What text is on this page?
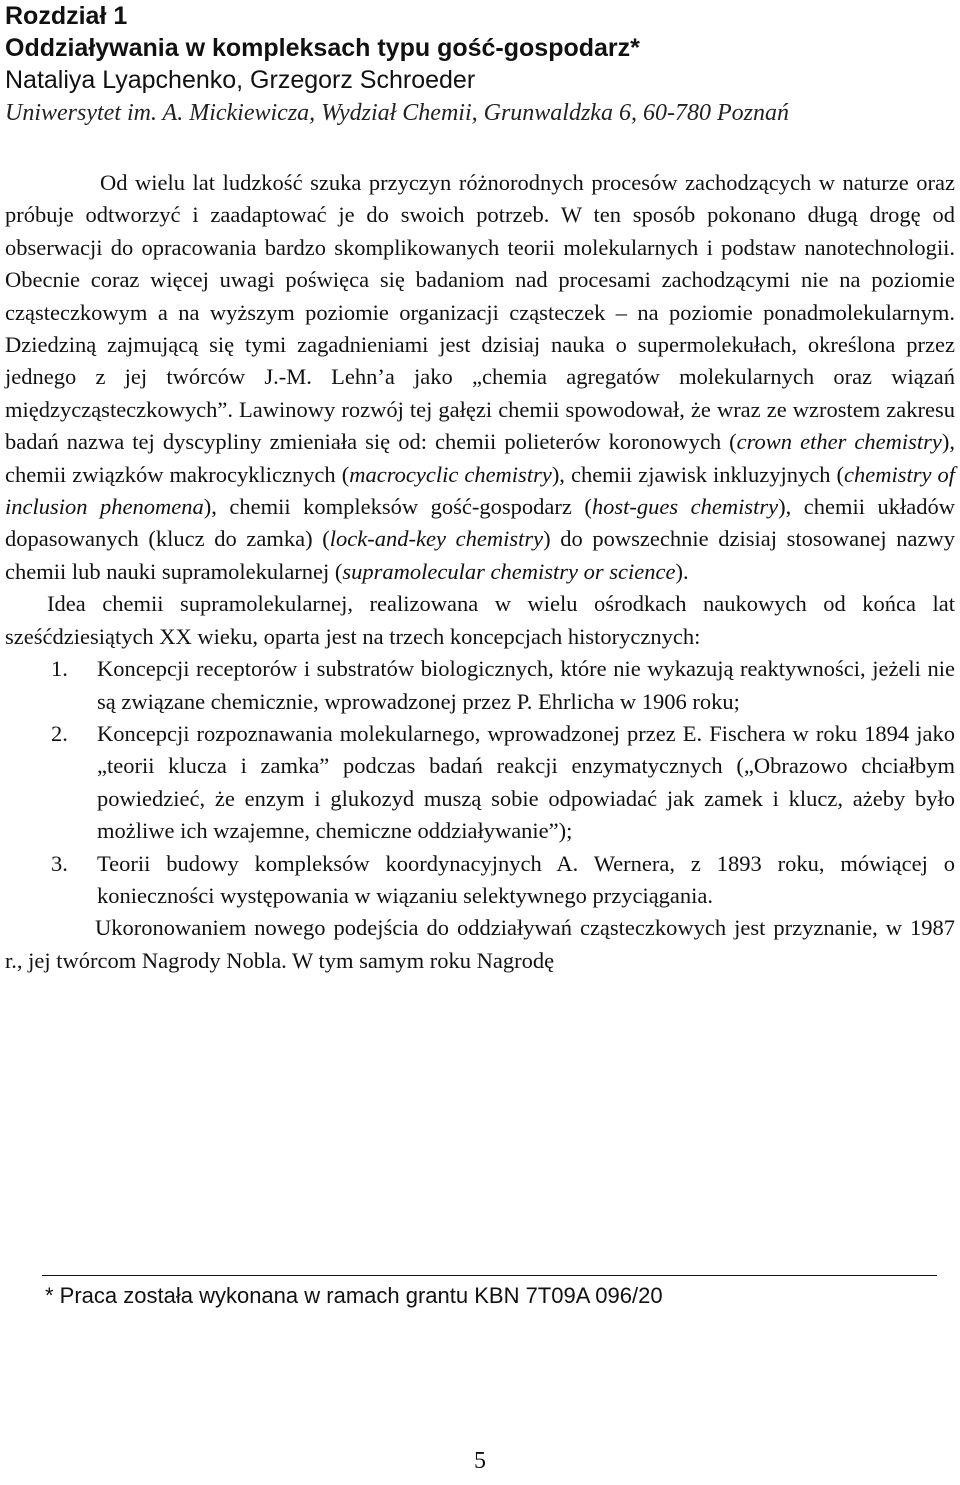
Rozdział 1

Oddziaływania w kompleksach typu gość-gospodarz*

Nataliya Lyapchenko, Grzegorz Schroeder

Uniwersytet im. A. Mickiewicza, Wydział Chemii, Grunwaldzka 6, 60-780 Poznań

Od wielu lat ludzkość szuka przyczyn różnorodnych procesów zachodzących w naturze oraz próbuje odtworzyć i zaadaptować je do swoich potrzeb. W ten sposób pokonano długą drogę od obserwacji do opracowania bardzo skomplikowanych teorii molekularnych i podstaw nanotechnologii. Obecnie coraz więcej uwagi poświęca się badaniom nad procesami zachodzącymi nie na poziomie cząsteczkowym a na wyższym poziomie organizacji cząsteczek – na poziomie ponadmolekularnym. Dziedziną zajmującą się tymi zagadnieniami jest dzisiaj nauka o supermolekułach, określona przez jednego z jej twórców J.-M. Lehn’a jako „chemia agregatów molekularnych oraz wiązań międzycząsteczkowych”. Lawinowy rozwój tej gałęzi chemii spowodował, że wraz ze wzrostem zakresu badań nazwa tej dyscypliny zmieniała się od: chemii polieterów koronowych (crown ether chemistry), chemii związków makrocyklicznych (macrocyclic chemistry), chemii zjawisk inkluzyjnych (chemistry of inclusion phenomena), chemii kompleksów gość-gospodarz (host-gues chemistry), chemii układów dopasowanych (klucz do zamka) (lock-and-key chemistry) do powszechnie dzisiaj stosowanej nazwy chemii lub nauki supramolekularnej (supramolecular chemistry or science).

Idea chemii supramolekularnej, realizowana w wielu ośrodkach naukowych od końca lat sześćdziesiątych XX wieku, oparta jest na trzech koncepcjach historycznych:

1. Koncepcji receptorów i substratów biologicznych, które nie wykazują reaktywności, jeżeli nie są związane chemicznie, wprowadzonej przez P. Ehrlicha w 1906 roku;
2. Koncepcji rozpoznawania molekularnego, wprowadzonej przez E. Fischera w roku 1894 jako „teorii klucza i zamka” podczas badań reakcji enzymatycznych („Obrazowo chciałbym powiedzieć, że enzym i glukozyd muszą sobie odpowiadać jak zamek i klucz, ażeby było możliwe ich wzajemne, chemiczne oddziaływanie”);
3. Teorii budowy kompleksów koordynacyjnych A. Wernera, z 1893 roku, mówiącej o konieczności występowania w wiązaniu selektywnego przyciągania.

Ukoronowaniem nowego podejścia do oddziaływań cząsteczkowych jest przyznanie, w 1987 r., jej twórcom Nagrody Nobla. W tym samym roku Nagrodę

* Praca została wykonana w ramach grantu KBN 7T09A 096/20
5
